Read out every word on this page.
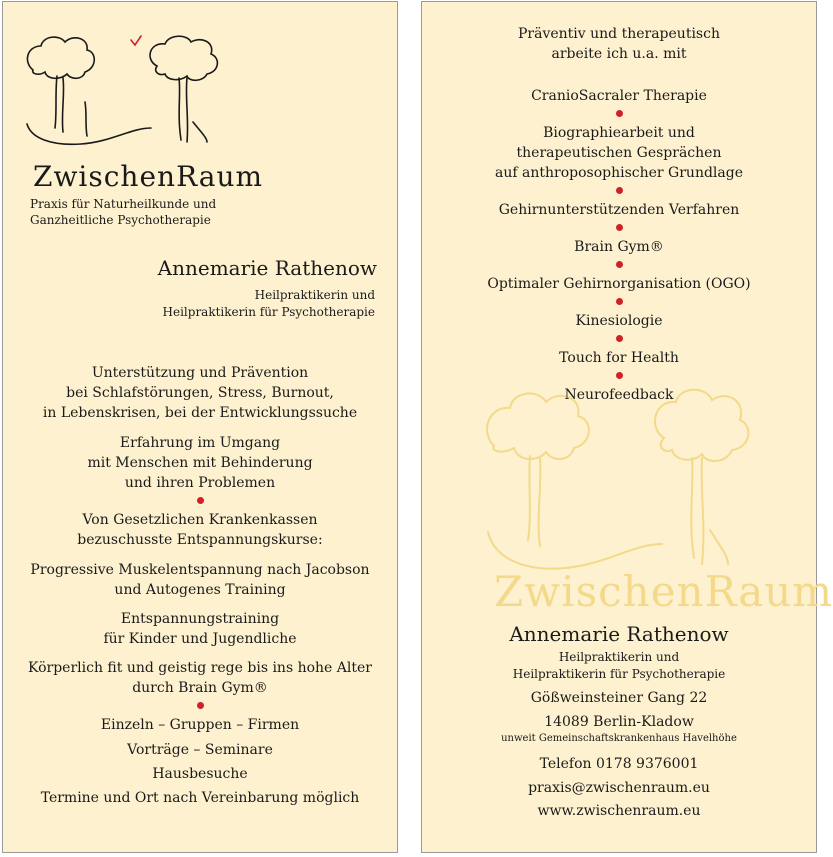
ZwischenRaum
Praxis für Naturheilkunde und
Ganzheitliche Psychotherapie
Annemarie Rathenow
Heilpraktikerin und
Heilpraktikerin für Psychotherapie

Unterstützung und Prävention
bei Schlafstörungen, Stress, Burnout,
in Lebenskrisen, bei der Entwicklungssuche

Erfahrung im Umgang
mit Menschen mit Behinderung
und ihren Problemen

Von Gesetzlichen Krankenkassen
bezuschusste Entspannungskurse:

Progressive Muskelentspannung nach Jacobson
und Autogenes Training

Entspannungstraining
für Kinder und Jugendliche

Körperlich fit und geistig rege bis ins hohe Alter
durch Brain Gym®

Einzeln – Gruppen – Firmen

Vorträge – Seminare

Hausbesuche

Termine und Ort nach Vereinbarung möglich

ZwischenRaum

Präventiv und therapeutisch
arbeite ich u.a. mit

CranioSacraler Therapie

Biographiearbeit und
therapeutischen Gesprächen
auf anthroposophischer Grundlage

Gehirnunterstützenden Verfahren

Brain Gym®

Optimaler Gehirnorganisation (OGO)

Kinesiologie

Touch for Health

Neurofeedback

Annemarie Rathenow
Heilpraktikerin und
Heilpraktikerin für Psychotherapie
Gößweinsteiner Gang 22
14089 Berlin-Kladow
unweit Gemeinschaftskrankenhaus Havelhöhe
Telefon 0178 9376001
praxis@zwischenraum.eu
www.zwischenraum.eu
